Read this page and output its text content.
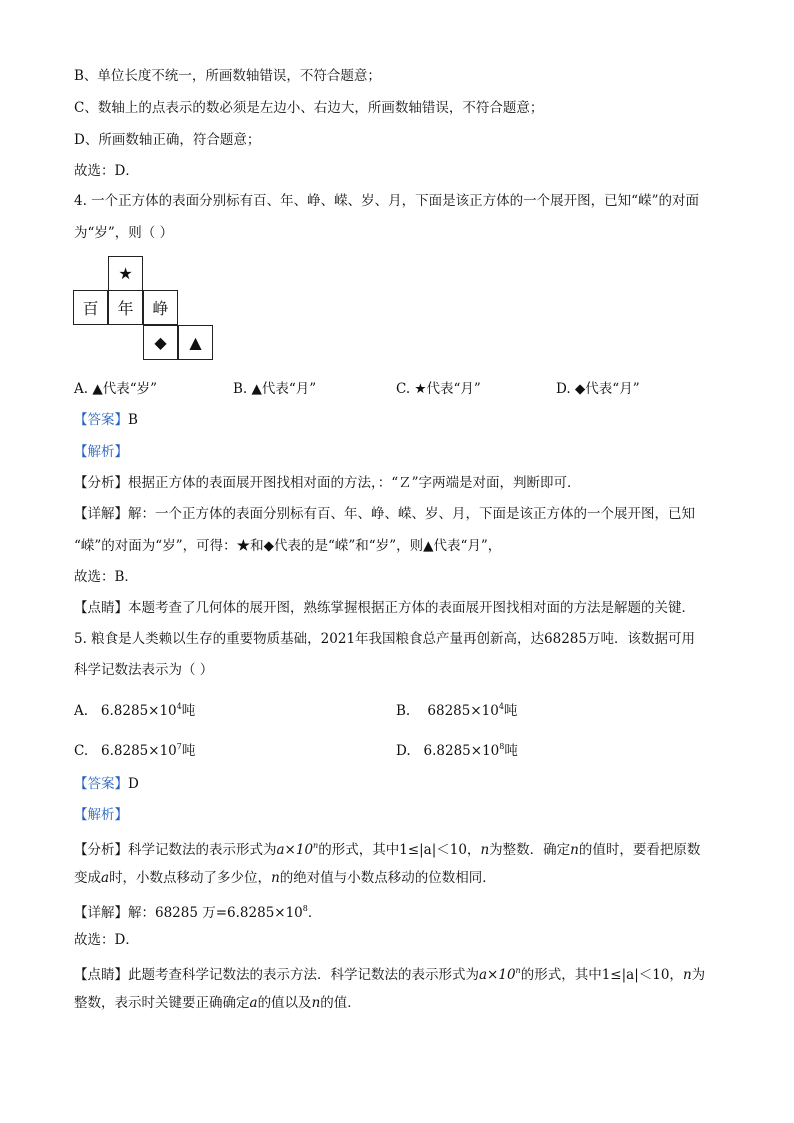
B、单位长度不统一，所画数轴错误，不符合题意；
C、数轴上的点表示的数必须是左边小、右边大，所画数轴错误，不符合题意；
D、所画数轴正确，符合题意；
故选：D．
4. 一个正方体的表面分别标有百、年、峥、嵘、岁、月，下面是该正方体的一个展开图，已知“嵘”的对面
为“岁”，则（ ）
★
百	年	峥
◆	▲
A. ▲代表“岁”	B. ▲代表“月”	C. ★代表“月”	D. ◆代表“月”
【答案】B
【解析】
【分析】根据正方体的表面展开图找相对面的方法，：“Ｚ”字两端是对面，判断即可．
【详解】解：一个正方体的表面分别标有百、年、峥、嵘、岁、月，下面是该正方体的一个展开图，已知
“嵘”的对面为“岁”，可得：★和◆代表的是“嵘”和“岁”，则▲代表“月”，
故选：B．
【点睛】本题考查了几何体的展开图，熟练掌握根据正方体的表面展开图找相对面的方法是解题的关键．
5. 粮食是人类赖以生存的重要物质基础，2021年我国粮食总产量再创新高，达68285万吨．该数据可用
科学记数法表示为（ ）
A. $6.8285\times 10^4$吨	B. $68285\times 10^4$吨
C. $6.8285\times 10^7$吨	D. $6.8285\times 10^8$吨
【答案】D
【解析】
【分析】科学记数法的表示形式为$a\times 10^n$的形式，其中1≤|a|＜10，n为整数．确定n的值时，要看把原数
变成a时，小数点移动了多少位，n的绝对值与小数点移动的位数相同．
【详解】解：68285 万$=6.8285\times 10^8$．
故选：D．
【点睛】此题考查科学记数法的表示方法．科学记数法的表示形式为$a\times 10^n$的形式，其中1≤|a|＜10，n为
整数，表示时关键要正确确定a的值以及n的值．
